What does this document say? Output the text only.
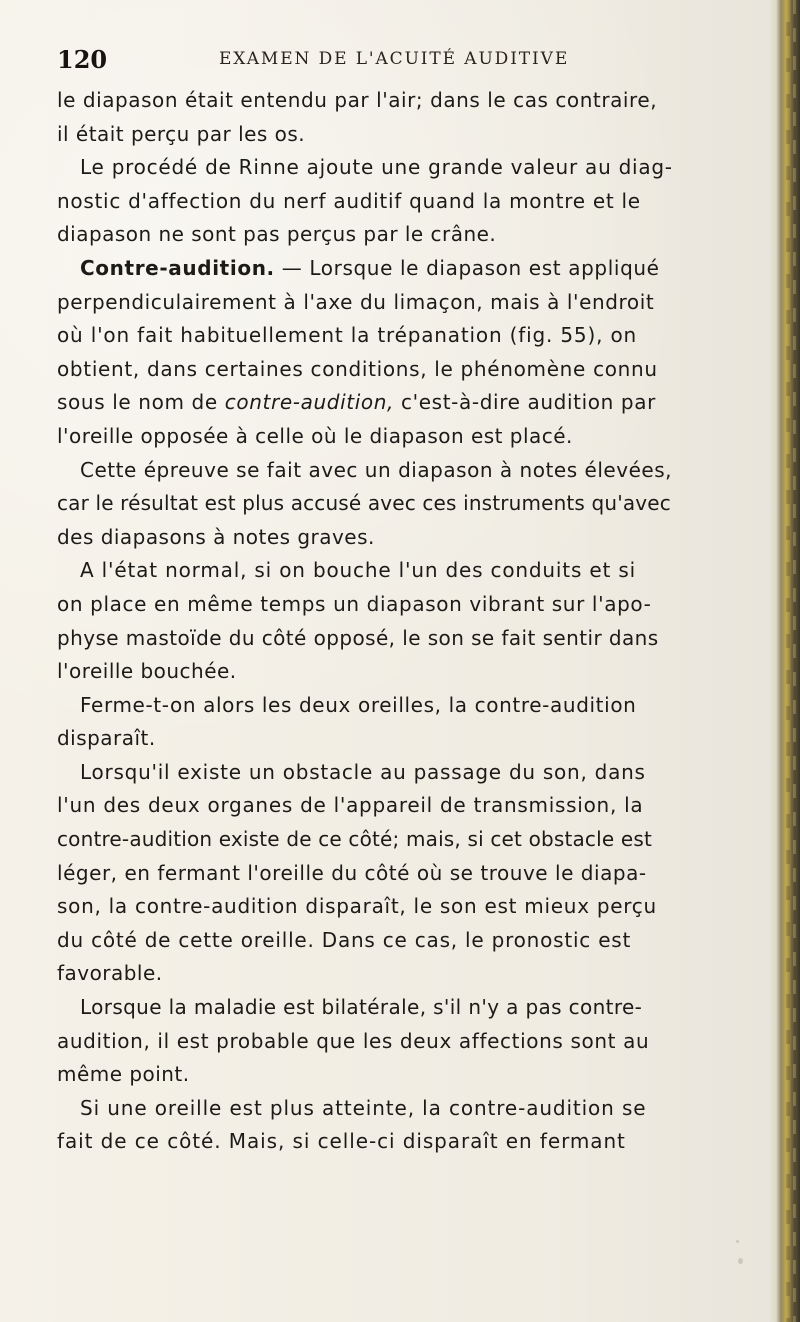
120	EXAMEN DE L'ACUITÉ AUDITIVE
le diapason était entendu par l'air; dans le cas contraire,
il était perçu par les os.
Le procédé de Rinne ajoute une grande valeur au diag-
nostic d'affection du nerf auditif quand la montre et le
diapason ne sont pas perçus par le crâne.
Contre-audition. — Lorsque le diapason est appliqué
perpendiculairement à l'axe du limaçon, mais à l'endroit
où l'on fait habituellement la trépanation (fig. 55), on
obtient, dans certaines conditions, le phénomène connu
sous le nom de contre-audition, c'est-à-dire audition par
l'oreille opposée à celle où le diapason est placé.
Cette épreuve se fait avec un diapason à notes élevées,
car le résultat est plus accusé avec ces instruments qu'avec
des diapasons à notes graves.
A l'état normal, si on bouche l'un des conduits et si
on place en même temps un diapason vibrant sur l'apo-
physe mastoïde du côté opposé, le son se fait sentir dans
l'oreille bouchée.
Ferme-t-on alors les deux oreilles, la contre-audition
disparaît.
Lorsqu'il existe un obstacle au passage du son, dans
l'un des deux organes de l'appareil de transmission, la
contre-audition existe de ce côté; mais, si cet obstacle est
léger, en fermant l'oreille du côté où se trouve le diapa-
son, la contre-audition disparaît, le son est mieux perçu
du côté de cette oreille. Dans ce cas, le pronostic est
favorable.
Lorsque la maladie est bilatérale, s'il n'y a pas contre-
audition, il est probable que les deux affections sont au
même point.
Si une oreille est plus atteinte, la contre-audition se
fait de ce côté. Mais, si celle-ci disparaît en fermant
